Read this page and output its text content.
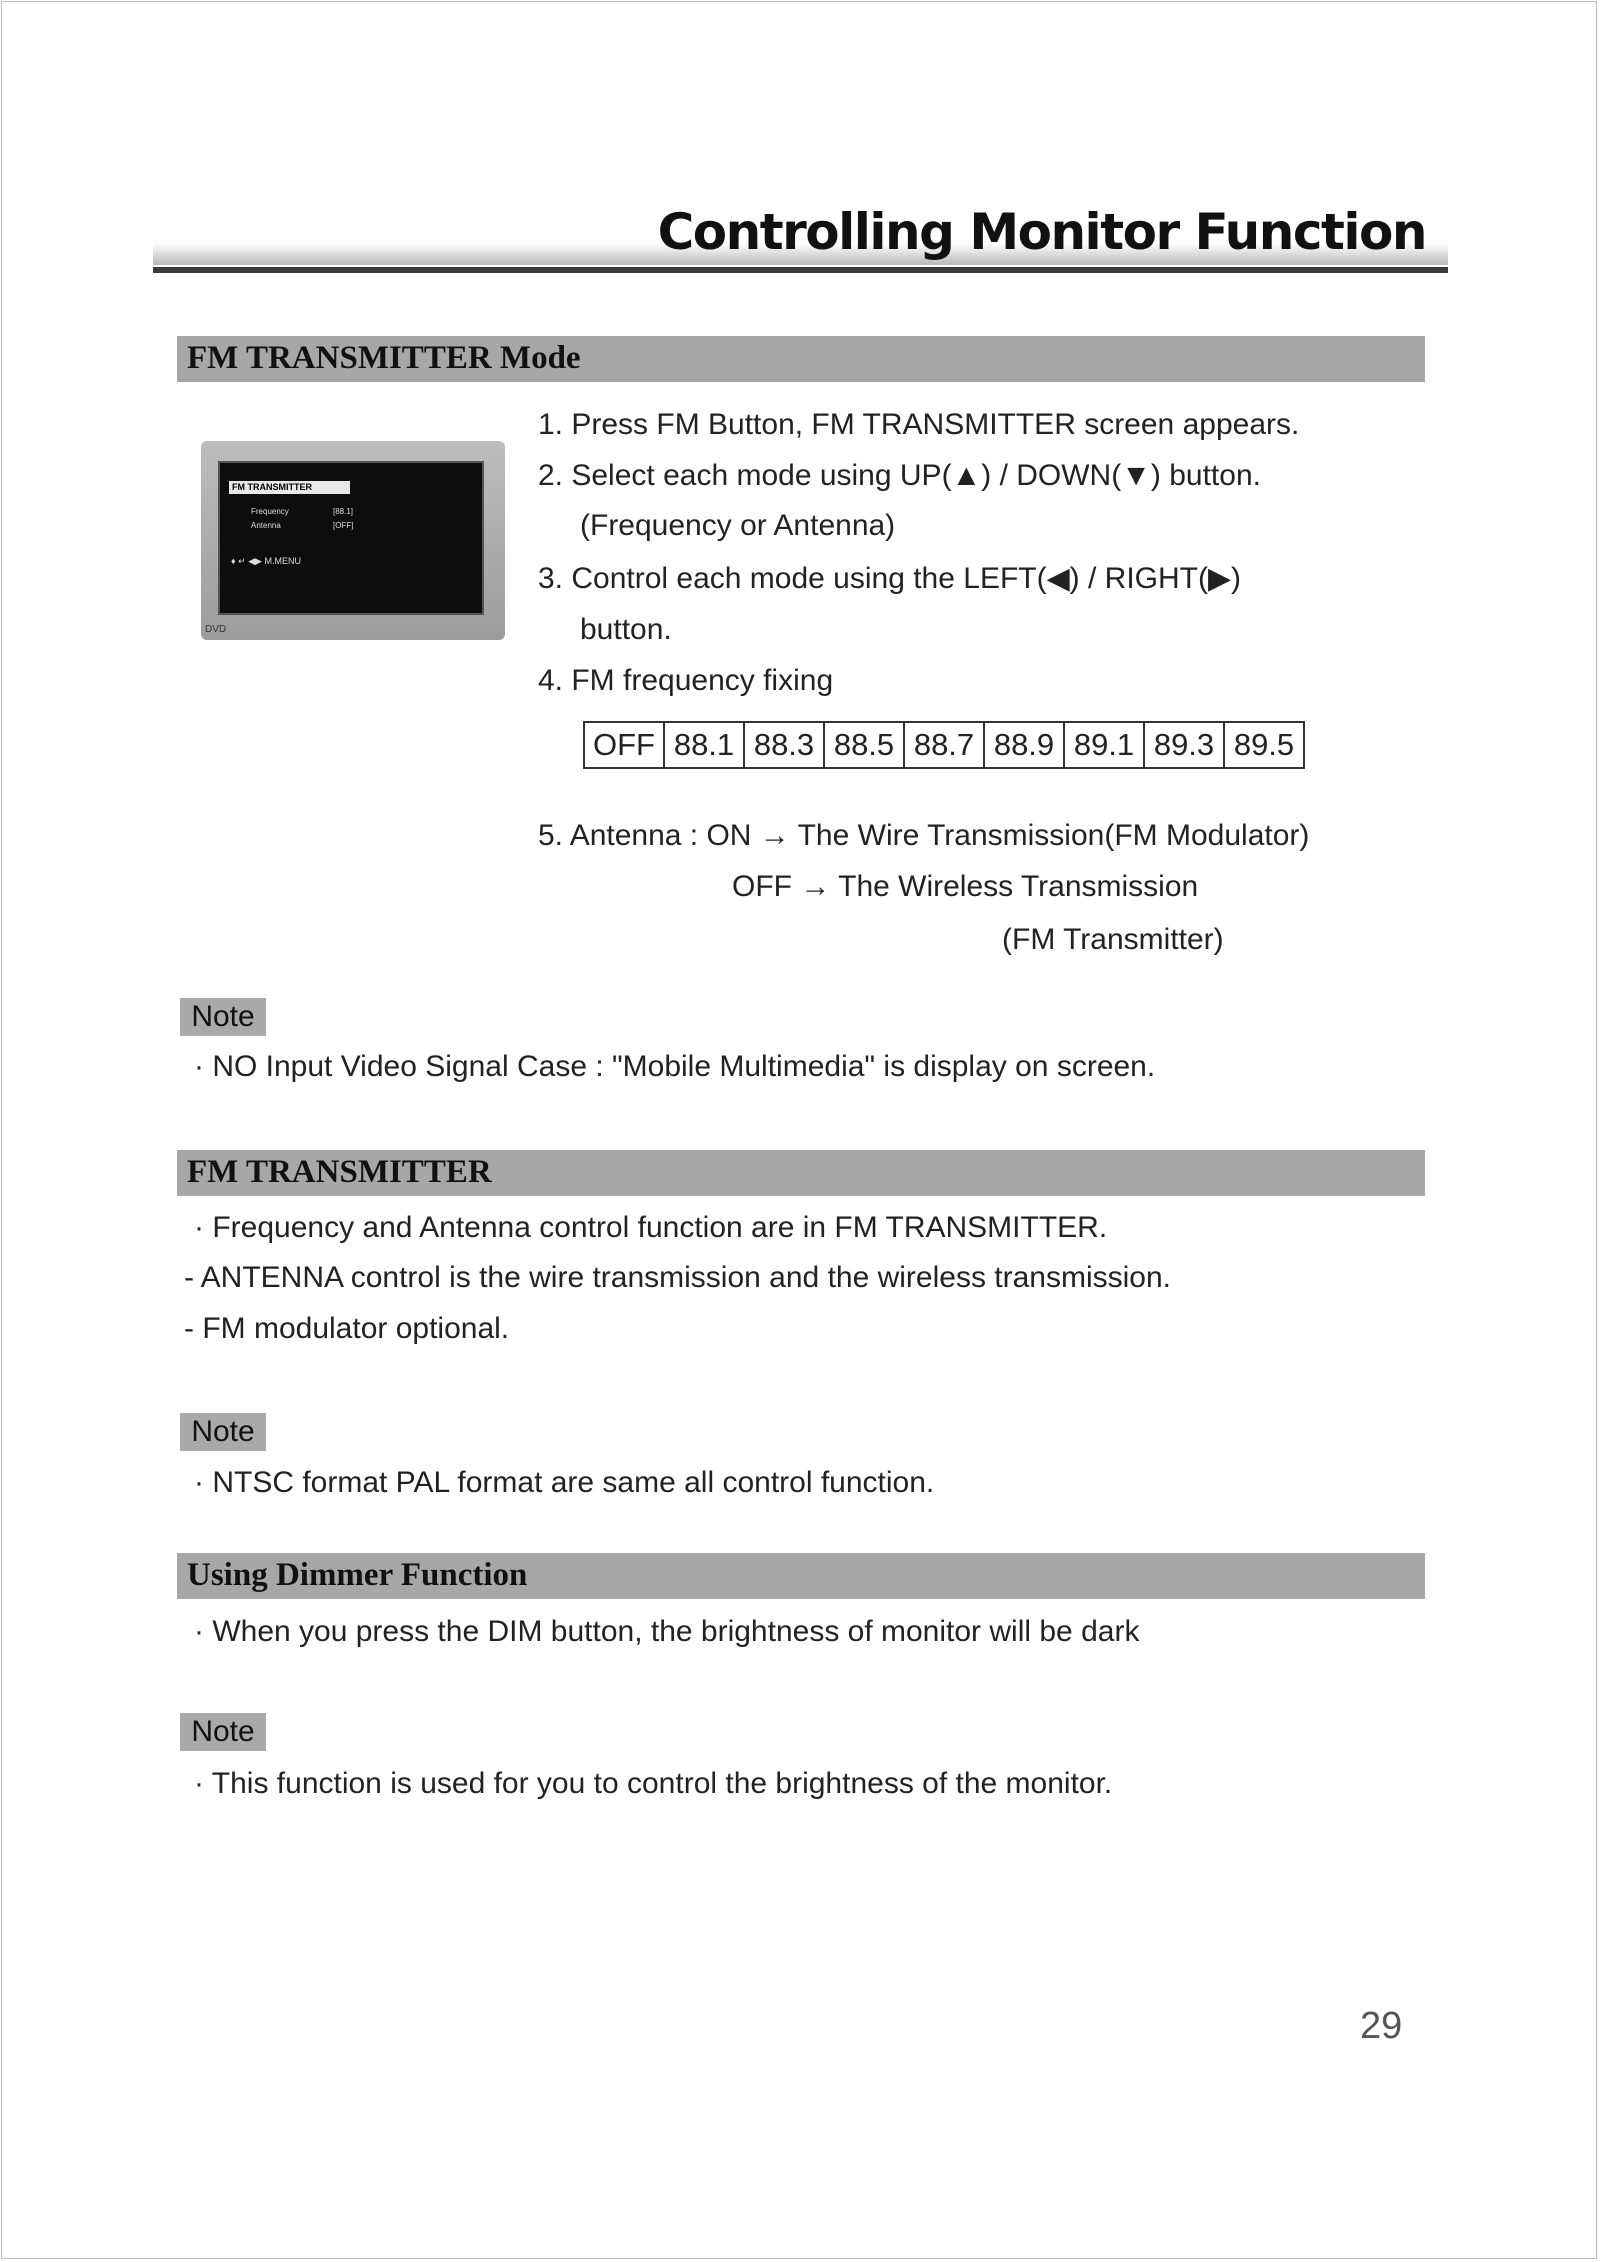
Controlling Monitor Function
FM TRANSMITTER Mode
FM TRANSMITTER
Frequency	[88.1]
Antenna	[OFF]
♦ ↵ ◀▶ M.MENU
DVD
1. Press FM Button, FM TRANSMITTER screen appears.
2. Select each mode using UP(▲) / DOWN(▼) button.
(Frequency or Antenna)
3. Control each mode using the LEFT(◀) / RIGHT(▶)
button.
4. FM frequency fixing
OFF	88.1	88.3	88.5	88.7	88.9	89.1	89.3	89.5
5. Antenna : ON → The Wire Transmission(FM Modulator)
OFF → The Wireless Transmission
(FM Transmitter)
Note
· NO Input Video Signal Case : "Mobile Multimedia" is display on screen.
FM TRANSMITTER
· Frequency and Antenna control function are in FM TRANSMITTER.
- ANTENNA control is the wire transmission and the wireless transmission.
- FM modulator optional.
Note
· NTSC format PAL format are same all control function.
Using Dimmer Function
· When you press the DIM button, the brightness of monitor will be dark
Note
· This function is used for you to control the brightness of the monitor.
29
